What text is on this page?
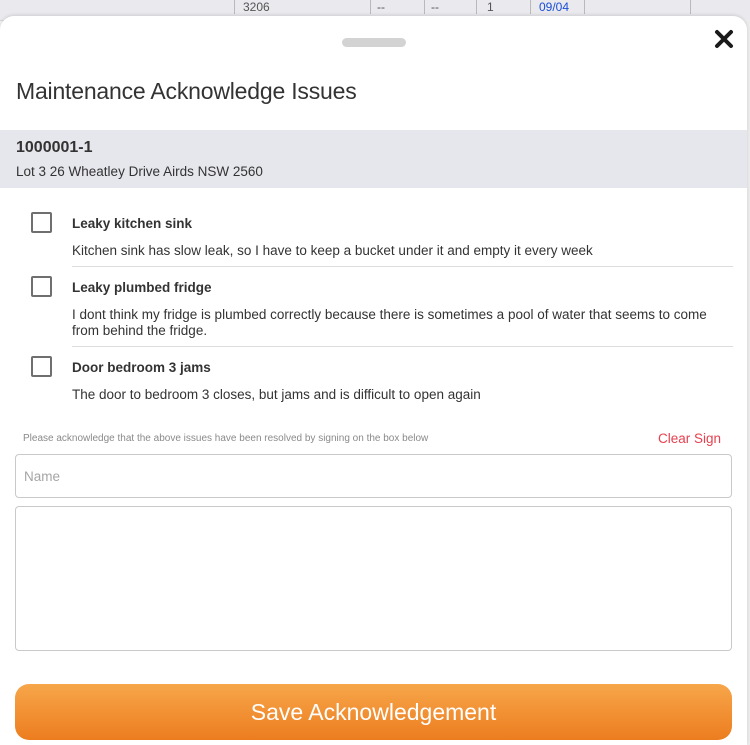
3206	--	--	1	09/04
Maintenance Acknowledge Issues
1000001-1
Lot 3 26 Wheatley Drive Airds NSW 2560
Leaky kitchen sink
Kitchen sink has slow leak, so I have to keep a bucket under it and empty it every week
Leaky plumbed fridge
I dont think my fridge is plumbed correctly because there is sometimes a pool of water that seems to come from behind the fridge.
Door bedroom 3 jams
The door to bedroom 3 closes, but jams and is difficult to open again
Please acknowledge that the above issues have been resolved by signing on the box below	Clear Sign
Name
Save Acknowledgement
